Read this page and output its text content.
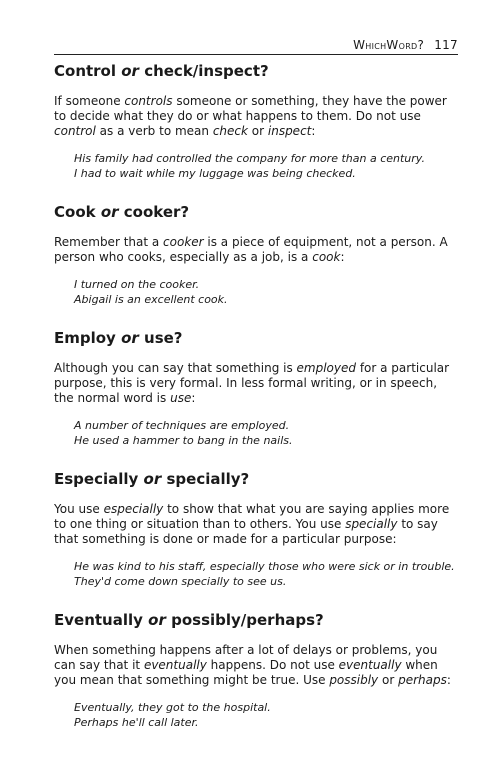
WhichWord? 117
Control or check/inspect?

If someone controls someone or something, they have the power to decide what they do or what happens to them. Do not use control as a verb to mean check or inspect:

His family had controlled the company for more than a century.
I had to wait while my luggage was being checked.
Cook or cooker?

Remember that a cooker is a piece of equipment, not a person. A person who cooks, especially as a job, is a cook:

I turned on the cooker.
Abigail is an excellent cook.
Employ or use?

Although you can say that something is employed for a particular purpose, this is very formal. In less formal writing, or in speech, the normal word is use:

A number of techniques are employed.
He used a hammer to bang in the nails.
Especially or specially?

You use especially to show that what you are saying applies more to one thing or situation than to others. You use specially to say that something is done or made for a particular purpose:

He was kind to his staff, especially those who were sick or in trouble.
They'd come down specially to see us.
Eventually or possibly/perhaps?

When something happens after a lot of delays or problems, you can say that it eventually happens. Do not use eventually when you mean that something might be true. Use possibly or perhaps:

Eventually, they got to the hospital.
Perhaps he'll call later.
